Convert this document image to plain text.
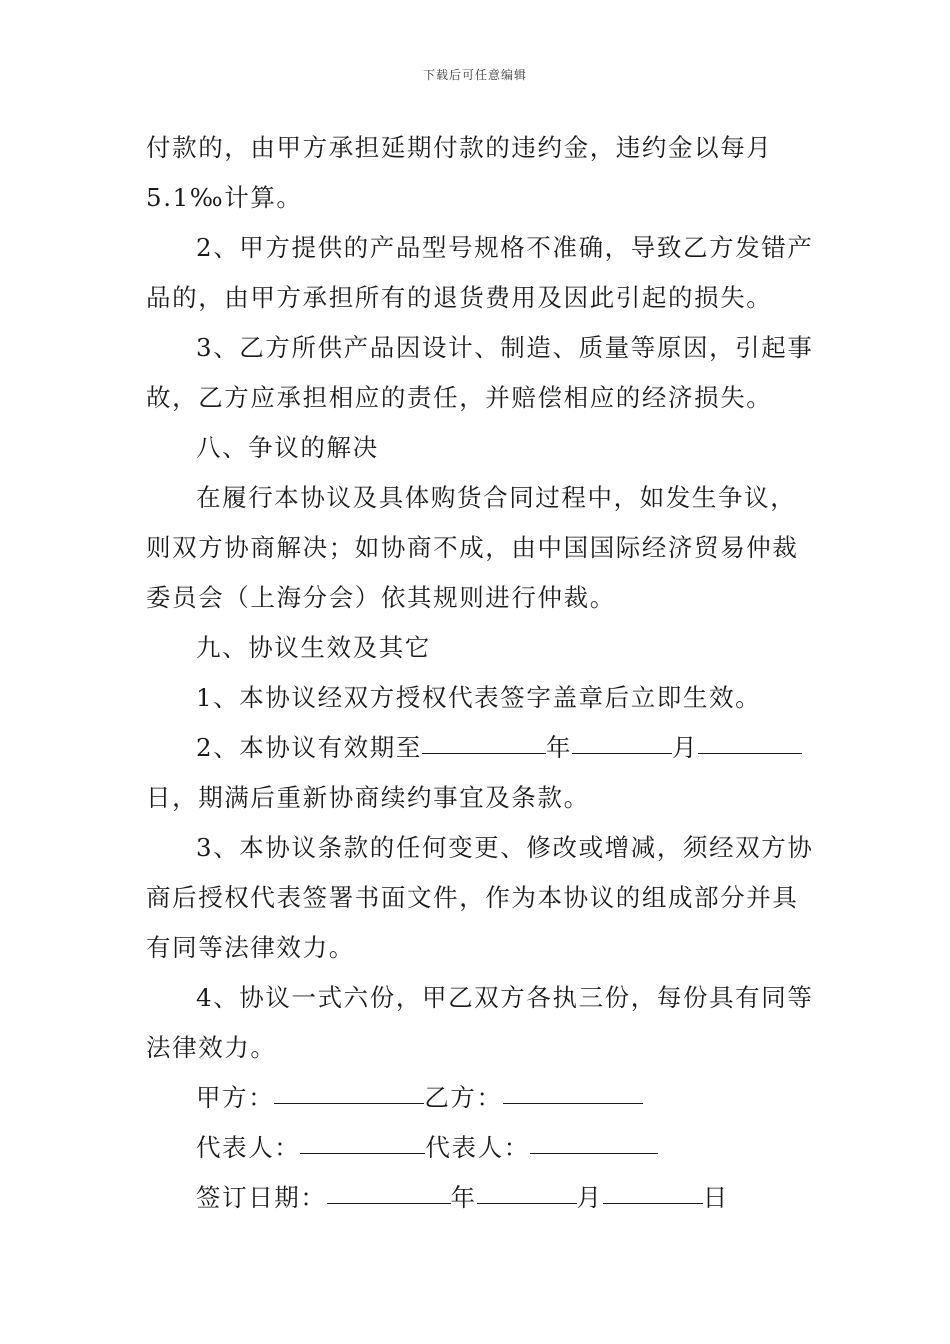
下载后可任意编辑
付款的，由甲方承担延期付款的违约金，违约金以每月
5.1‰计算。
2、甲方提供的产品型号规格不准确，导致乙方发错产
品的，由甲方承担所有的退货费用及因此引起的损失。
3、乙方所供产品因设计、制造、质量等原因，引起事
故，乙方应承担相应的责任，并赔偿相应的经济损失。
八、争议的解决
在履行本协议及具体购货合同过程中，如发生争议，
则双方协商解决；如协商不成，由中国国际经济贸易仲裁
委员会（上海分会）依其规则进行仲裁。
九、协议生效及其它
1、本协议经双方授权代表签字盖章后立即生效。
2、本协议有效期至	年	月
日，期满后重新协商续约事宜及条款。
3、本协议条款的任何变更、修改或增减，须经双方协
商后授权代表签署书面文件，作为本协议的组成部分并具
有同等法律效力。
4、协议一式六份，甲乙双方各执三份，每份具有同等
法律效力。
甲方：	乙方：
代表人：	代表人：
签订日期：	年	月	日
